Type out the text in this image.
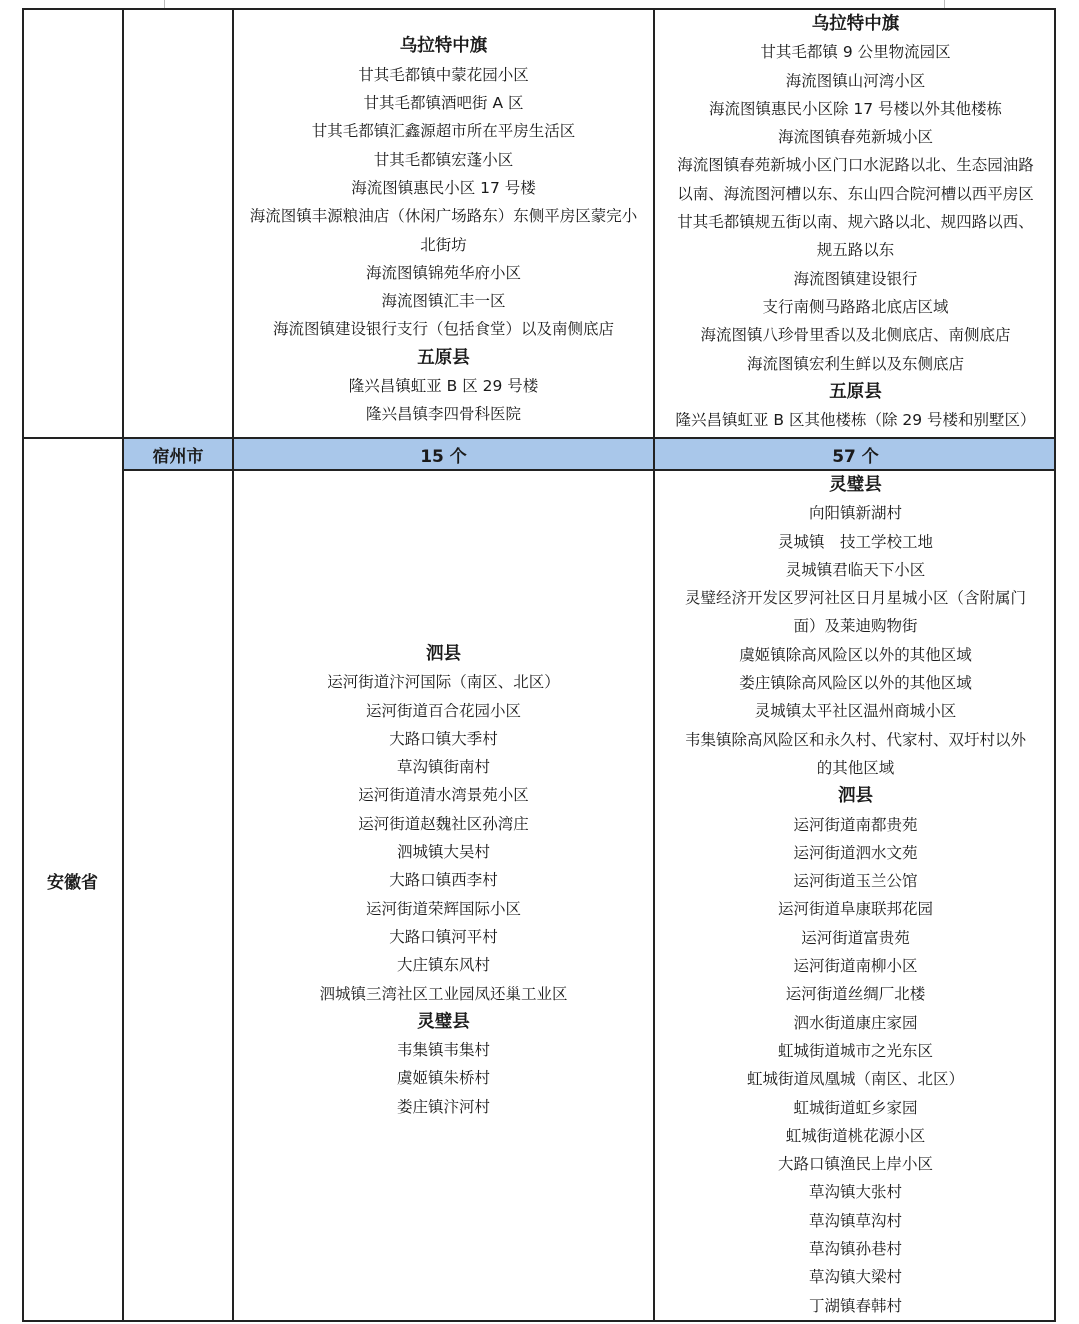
乌拉特中旗
甘其毛都镇中蒙花园小区
甘其毛都镇酒吧街 A 区
甘其毛都镇汇鑫源超市所在平房生活区
甘其毛都镇宏蓬小区
海流图镇惠民小区 17 号楼
海流图镇丰源粮油店（休闲广场路东）东侧平房区蒙完小
北街坊
海流图镇锦苑华府小区
海流图镇汇丰一区
海流图镇建设银行支行（包括食堂）以及南侧底店
五原县
隆兴昌镇虹亚 B 区 29 号楼
隆兴昌镇李四骨科医院
乌拉特中旗
甘其毛都镇 9 公里物流园区
海流图镇山河湾小区
海流图镇惠民小区除 17 号楼以外其他楼栋
海流图镇春苑新城小区
海流图镇春苑新城小区门口水泥路以北、生态园油路
以南、海流图河槽以东、东山四合院河槽以西平房区
甘其毛都镇规五街以南、规六路以北、规四路以西、
规五路以东
海流图镇建设银行
支行南侧马路路北底店区域
海流图镇八珍骨里香以及北侧底店、南侧底店
海流图镇宏利生鲜以及东侧底店
五原县
隆兴昌镇虹亚 B 区其他楼栋（除 29 号楼和别墅区）
安徽省
宿州市	15 个	57 个
泗县
运河街道汴河国际（南区、北区）
运河街道百合花园小区
大路口镇大季村
草沟镇街南村
运河街道清水湾景苑小区
运河街道赵魏社区孙湾庄
泗城镇大吴村
大路口镇西李村
运河街道荣辉国际小区
大路口镇河平村
大庄镇东风村
泗城镇三湾社区工业园凤还巢工业区
灵璧县
韦集镇韦集村
虞姬镇朱桥村
娄庄镇汴河村
灵璧县
向阳镇新湖村
灵城镇　技工学校工地
灵城镇君临天下小区
灵璧经济开发区罗河社区日月星城小区（含附属门
面）及莱迪购物街
虞姬镇除高风险区以外的其他区域
娄庄镇除高风险区以外的其他区域
灵城镇太平社区温州商城小区
韦集镇除高风险区和永久村、代家村、双圩村以外
的其他区域
泗县
运河街道南都贵苑
运河街道泗水文苑
运河街道玉兰公馆
运河街道阜康联邦花园
运河街道富贵苑
运河街道南柳小区
运河街道丝绸厂北楼
泗水街道康庄家园
虹城街道城市之光东区
虹城街道凤凰城（南区、北区）
虹城街道虹乡家园
虹城街道桃花源小区
大路口镇渔民上岸小区
草沟镇大张村
草沟镇草沟村
草沟镇孙巷村
草沟镇大梁村
丁湖镇春韩村
